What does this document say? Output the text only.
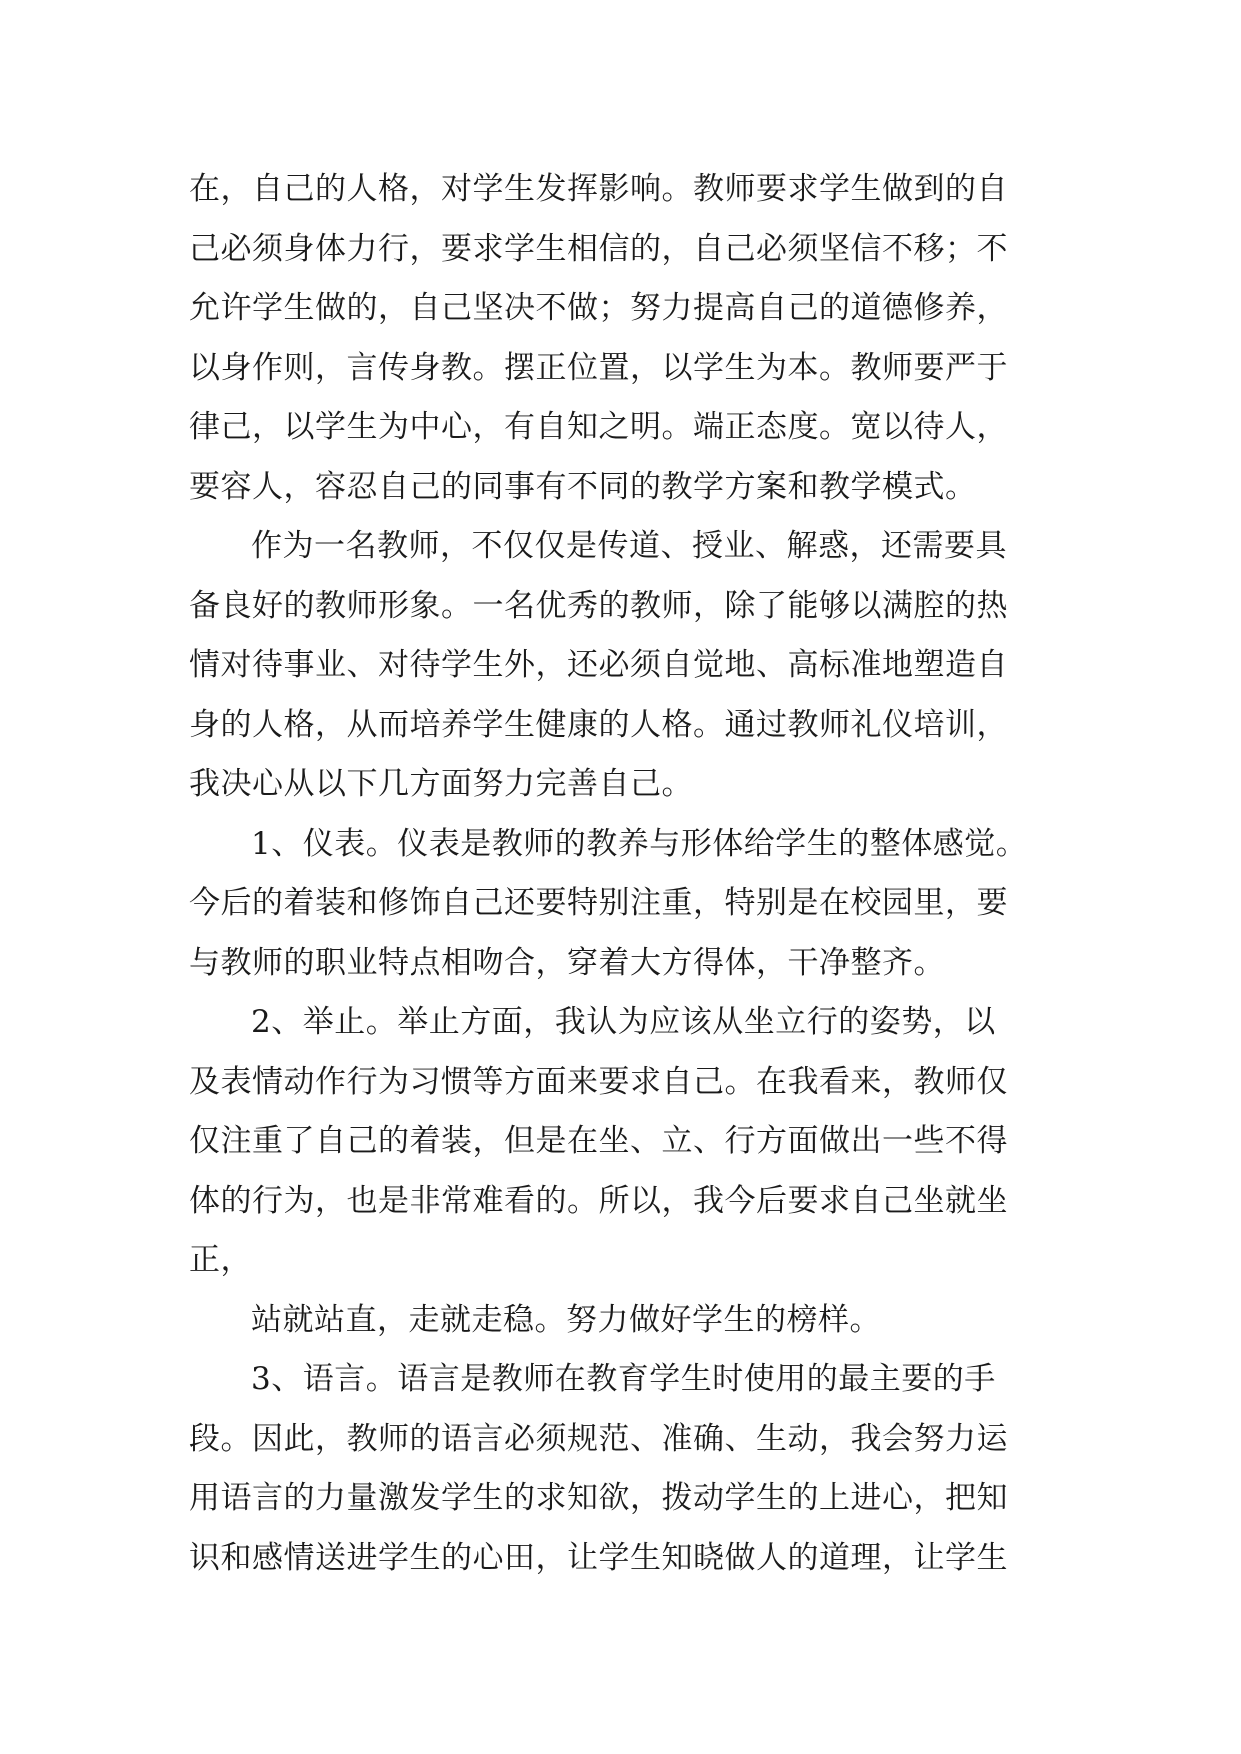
在，自己的人格，对学生发挥影响。教师要求学生做到的自
己必须身体力行，要求学生相信的，自己必须坚信不移；不
允许学生做的，自己坚决不做；努力提高自己的道德修养，
以身作则，言传身教。摆正位置，以学生为本。教师要严于
律己，以学生为中心，有自知之明。端正态度。宽以待人，
要容人，容忍自己的同事有不同的教学方案和教学模式。
作为一名教师，不仅仅是传道、授业、解惑，还需要具
备良好的教师形象。一名优秀的教师，除了能够以满腔的热
情对待事业、对待学生外，还必须自觉地、高标准地塑造自
身的人格，从而培养学生健康的人格。通过教师礼仪培训，
我决心从以下几方面努力完善自己。
1、仪表。仪表是教师的教养与形体给学生的整体感觉。
今后的着装和修饰自己还要特别注重，特别是在校园里，要
与教师的职业特点相吻合，穿着大方得体，干净整齐。
2、举止。举止方面，我认为应该从坐立行的姿势，以
及表情动作行为习惯等方面来要求自己。在我看来，教师仅
仅注重了自己的着装，但是在坐、立、行方面做出一些不得
体的行为，也是非常难看的。所以，我今后要求自己坐就坐
正，
站就站直，走就走稳。努力做好学生的榜样。
3、语言。语言是教师在教育学生时使用的最主要的手
段。因此，教师的语言必须规范、准确、生动，我会努力运
用语言的力量激发学生的求知欲，拨动学生的上进心，把知
识和感情送进学生的心田，让学生知晓做人的道理，让学生
